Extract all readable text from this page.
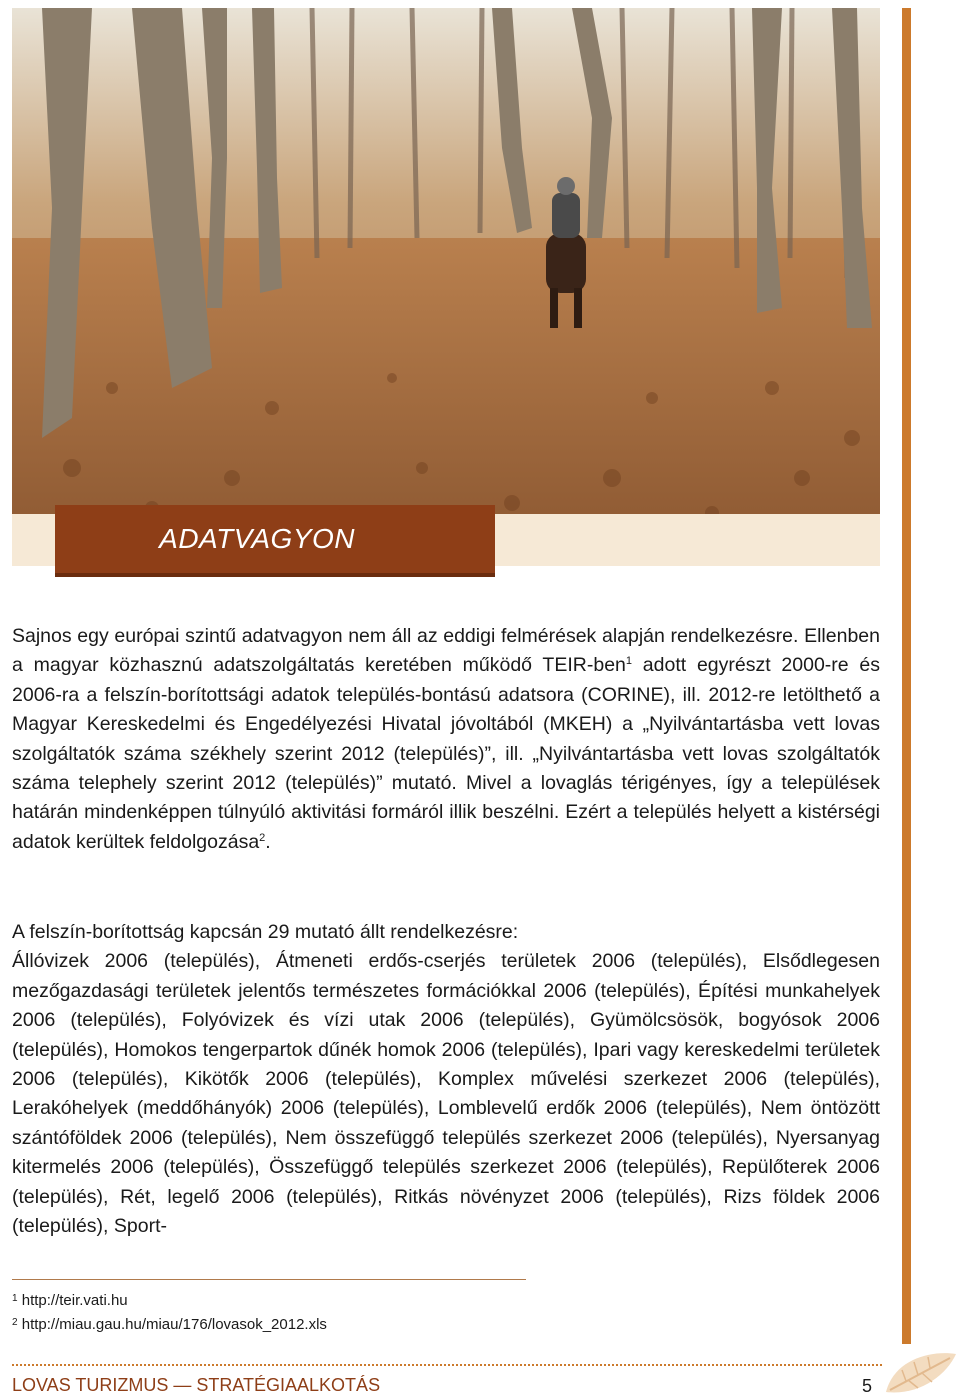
ADATVAGYON

Sajnos egy európai szintű adatvagyon nem áll az eddigi felmérések alapján rendelkezésre. Ellenben a magyar közhasznú adatszolgáltatás keretében működő TEIR-ben$^1$ adott egyrészt 2000-re és 2006-ra a felszín-borítottsági adatok település-bontású adatsora (CORINE), ill. 2012-re letölthető a Magyar Kereskedelmi és Engedélyezési Hivatal jóvoltából (MKEH) a „Nyilvántartásba vett lovas szolgáltatók száma székhely szerint 2012 (település)”, ill. „Nyilvántartásba vett lovas szolgáltatók száma telephely szerint 2012 (település)” mutató. Mivel a lovaglás térigényes, így a települések határán mindenképpen túlnyúló aktivitási formáról illik beszélni. Ezért a település helyett a kistérségi adatok kerültek feldolgozása$^2$.

A felszín-borítottság kapcsán 29 mutató állt rendelkezésre:
Állóvizek 2006 (település), Átmeneti erdős-cserjés területek 2006 (település), Elsődlegesen mezőgazdasági területek jelentős természetes formációkkal 2006 (település), Építési munkahelyek 2006 (település), Folyóvizek és vízi utak 2006 (település), Gyümölcsösök, bogyósok 2006 (település), Homokos tengerpartok dűnék homok 2006 (település), Ipari vagy kereskedelmi területek 2006 (település), Kikötők 2006 (település), Komplex művelési szerkezet 2006 (település), Lerakóhelyek (meddőhányók) 2006 (település), Lomblevelű erdők 2006 (település), Nem öntözött szántóföldek 2006 (település), Nem összefüggő település szerkezet 2006 (település), Nyersanyag kitermelés 2006 (település), Összefüggő település szerkezet 2006 (település), Repülőterek 2006 (település), Rét, legelő 2006 (település), Ritkás növényzet 2006 (település), Rizs földek 2006 (település), Sport-

$^1$ http://teir.vati.hu
$^2$ http://miau.gau.hu/miau/176/lovasok_2012.xls
LOVAS TURIZMUS — STRATÉGIAALKOTÁS	5
